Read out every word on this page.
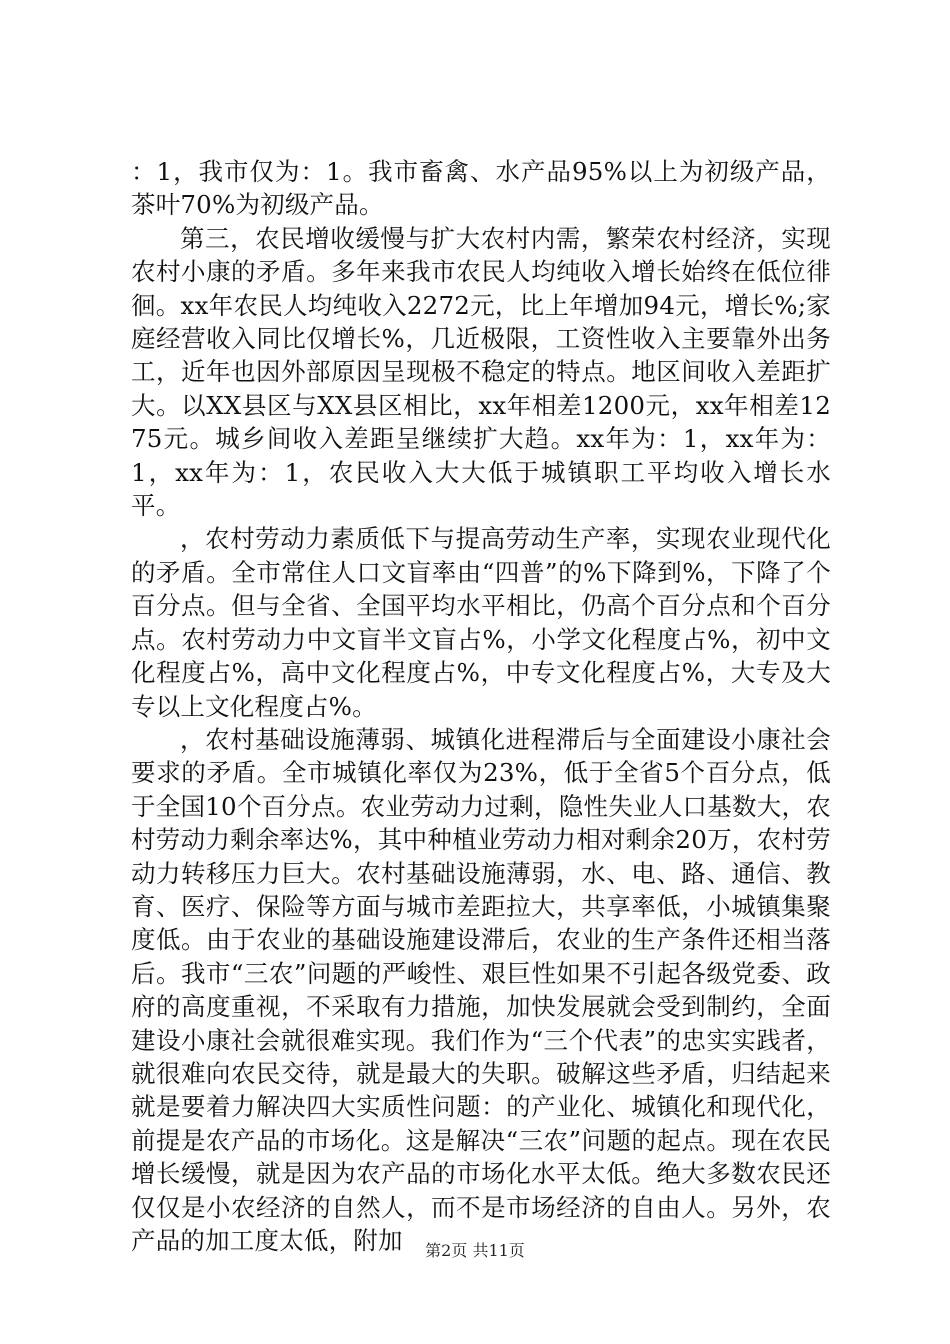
：1，我市仅为：1。我市畜禽、水产品95%以上为初级产品，茶叶70%为初级产品。

第三，农民增收缓慢与扩大农村内需，繁荣农村经济，实现农村小康的矛盾。多年来我市农民人均纯收入增长始终在低位徘徊。xx年农民人均纯收入2272元，比上年增加94元，增长%;家庭经营收入同比仅增长%，几近极限，工资性收入主要靠外出务工，近年也因外部原因呈现极不稳定的特点。地区间收入差距扩大。以XX县区与XX县区相比，xx年相差1200元，xx年相差1275元。城乡间收入差距呈继续扩大趋。xx年为：1，xx年为：1，xx年为：1，农民收入大大低于城镇职工平均收入增长水平。

，农村劳动力素质低下与提高劳动生产率，实现农业现代化的矛盾。全市常住人口文盲率由“四普”的%下降到%，下降了个百分点。但与全省、全国平均水平相比，仍高个百分点和个百分点。农村劳动力中文盲半文盲占%，小学文化程度占%，初中文化程度占%，高中文化程度占%，中专文化程度占%，大专及大专以上文化程度占%。

，农村基础设施薄弱、城镇化进程滞后与全面建设小康社会要求的矛盾。全市城镇化率仅为23%，低于全省5个百分点，低于全国10个百分点。农业劳动力过剩，隐性失业人口基数大，农村劳动力剩余率达%，其中种植业劳动力相对剩余20万，农村劳动力转移压力巨大。农村基础设施薄弱，水、电、路、通信、教育、医疗、保险等方面与城市差距拉大，共享率低，小城镇集聚度低。由于农业的基础设施建设滞后，农业的生产条件还相当落后。我市“三农”问题的严峻性、艰巨性如果不引起各级党委、政府的高度重视，不采取有力措施，加快发展就会受到制约，全面建设小康社会就很难实现。我们作为“三个代表”的忠实实践者，就很难向农民交待，就是最大的失职。破解这些矛盾，归结起来就是要着力解决四大实质性问题：的产业化、城镇化和现代化，前提是农产品的市场化。这是解决“三农”问题的起点。现在农民增长缓慢，就是因为农产品的市场化水平太低。绝大多数农民还仅仅是小农经济的自然人，而不是市场经济的自由人。另外，农产品的加工度太低，附加	第2页 共11页
